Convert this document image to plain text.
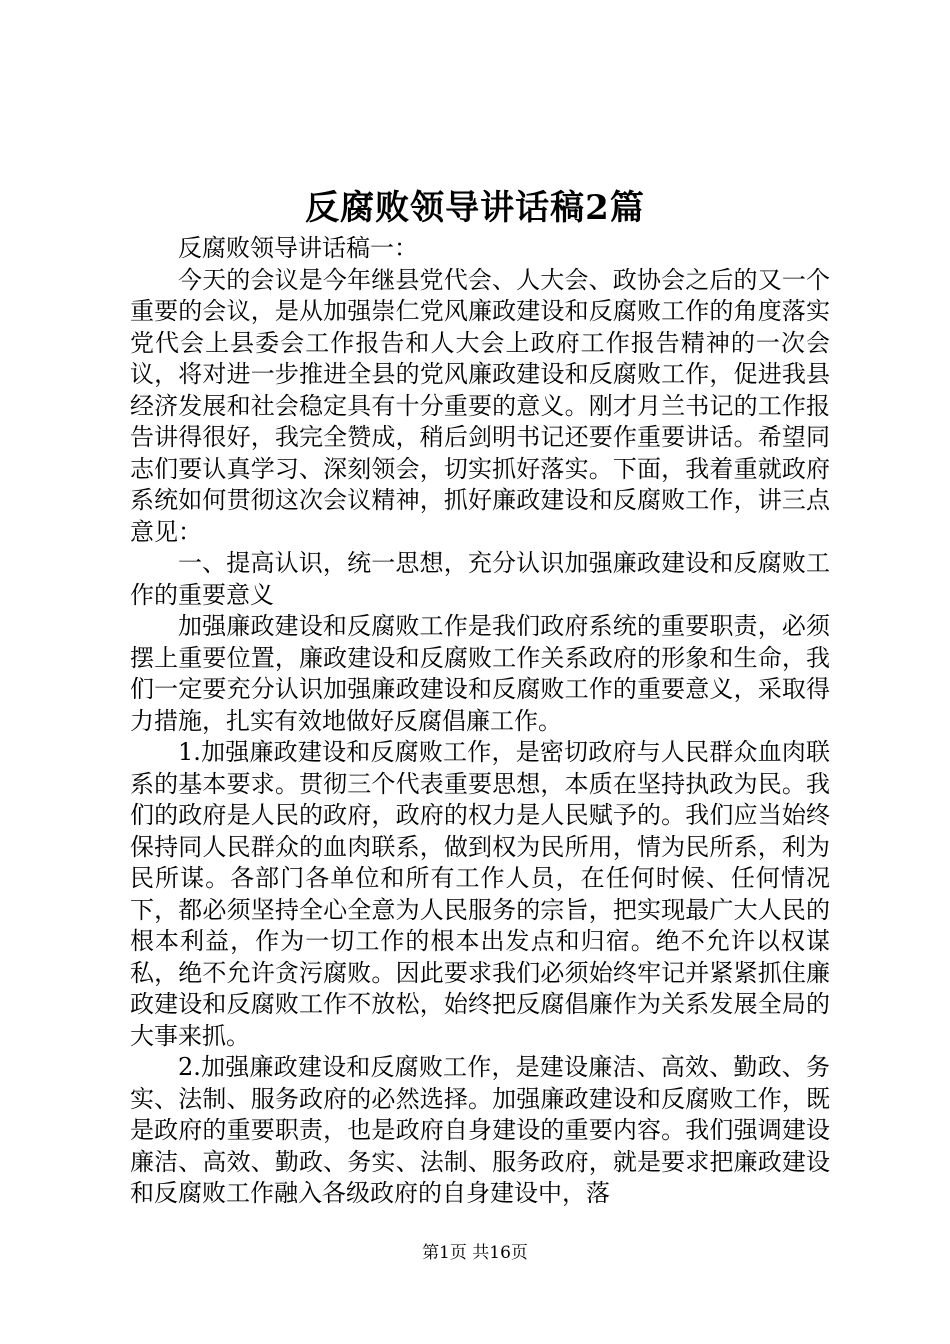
反腐败领导讲话稿2篇

反腐败领导讲话稿一：

今天的会议是今年继县党代会、人大会、政协会之后的又一个重要的会议，是从加强崇仁党风廉政建设和反腐败工作的角度落实党代会上县委会工作报告和人大会上政府工作报告精神的一次会议，将对进一步推进全县的党风廉政建设和反腐败工作，促进我县经济发展和社会稳定具有十分重要的意义。刚才月兰书记的工作报告讲得很好，我完全赞成，稍后剑明书记还要作重要讲话。希望同志们要认真学习、深刻领会，切实抓好落实。下面，我着重就政府系统如何贯彻这次会议精神，抓好廉政建设和反腐败工作，讲三点意见：

一、提高认识，统一思想，充分认识加强廉政建设和反腐败工作的重要意义

加强廉政建设和反腐败工作是我们政府系统的重要职责，必须摆上重要位置，廉政建设和反腐败工作关系政府的形象和生命，我们一定要充分认识加强廉政建设和反腐败工作的重要意义，采取得力措施，扎实有效地做好反腐倡廉工作。

1.加强廉政建设和反腐败工作，是密切政府与人民群众血肉联系的基本要求。贯彻三个代表重要思想，本质在坚持执政为民。我们的政府是人民的政府，政府的权力是人民赋予的。我们应当始终保持同人民群众的血肉联系，做到权为民所用，情为民所系，利为民所谋。各部门各单位和所有工作人员，在任何时候、任何情况下，都必须坚持全心全意为人民服务的宗旨，把实现最广大人民的根本利益，作为一切工作的根本出发点和归宿。绝不允许以权谋私，绝不允许贪污腐败。因此要求我们必须始终牢记并紧紧抓住廉政建设和反腐败工作不放松，始终把反腐倡廉作为关系发展全局的大事来抓。

2.加强廉政建设和反腐败工作，是建设廉洁、高效、勤政、务实、法制、服务政府的必然选择。加强廉政建设和反腐败工作，既是政府的重要职责，也是政府自身建设的重要内容。我们强调建设廉洁、高效、勤政、务实、法制、服务政府，就是要求把廉政建设和反腐败工作融入各级政府的自身建设中，落

第1页 共16页
